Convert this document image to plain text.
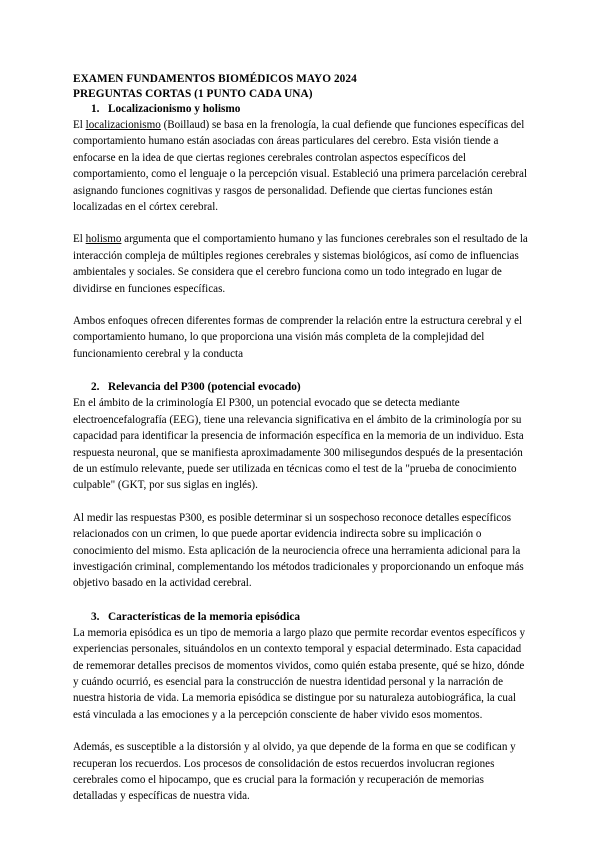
EXAMEN FUNDAMENTOS BIOMÉDICOS MAYO 2024
PREGUNTAS CORTAS (1 PUNTO CADA UNA)
1. Localizacionismo y holismo

El localizacionismo (Boillaud) se basa en la frenología, la cual defiende que funciones específicas del comportamiento humano están asociadas con áreas particulares del cerebro. Esta visión tiende a enfocarse en la idea de que ciertas regiones cerebrales controlan aspectos específicos del comportamiento, como el lenguaje o la percepción visual. Estableció una primera parcelación cerebral asignando funciones cognitivas y rasgos de personalidad. Defiende que ciertas funciones están localizadas en el córtex cerebral.

El holismo argumenta que el comportamiento humano y las funciones cerebrales son el resultado de la interacción compleja de múltiples regiones cerebrales y sistemas biológicos, así como de influencias ambientales y sociales. Se considera que el cerebro funciona como un todo integrado en lugar de dividirse en funciones específicas.

Ambos enfoques ofrecen diferentes formas de comprender la relación entre la estructura cerebral y el comportamiento humano, lo que proporciona una visión más completa de la complejidad del funcionamiento cerebral y la conducta

2. Relevancia del P300 (potencial evocado)

En el ámbito de la criminología El P300, un potencial evocado que se detecta mediante electroencefalografía (EEG), tiene una relevancia significativa en el ámbito de la criminología por su capacidad para identificar la presencia de información específica en la memoria de un individuo. Esta respuesta neuronal, que se manifiesta aproximadamente 300 milisegundos después de la presentación de un estímulo relevante, puede ser utilizada en técnicas como el test de la "prueba de conocimiento culpable" (GKT, por sus siglas en inglés).

Al medir las respuestas P300, es posible determinar si un sospechoso reconoce detalles específicos relacionados con un crimen, lo que puede aportar evidencia indirecta sobre su implicación o conocimiento del mismo. Esta aplicación de la neurociencia ofrece una herramienta adicional para la investigación criminal, complementando los métodos tradicionales y proporcionando un enfoque más objetivo basado en la actividad cerebral.

3. Características de la memoria episódica

La memoria episódica es un tipo de memoria a largo plazo que permite recordar eventos específicos y experiencias personales, situándolos en un contexto temporal y espacial determinado. Esta capacidad de rememorar detalles precisos de momentos vividos, como quién estaba presente, qué se hizo, dónde y cuándo ocurrió, es esencial para la construcción de nuestra identidad personal y la narración de nuestra historia de vida. La memoria episódica se distingue por su naturaleza autobiográfica, la cual está vinculada a las emociones y a la percepción consciente de haber vivido esos momentos.

Además, es susceptible a la distorsión y al olvido, ya que depende de la forma en que se codifican y recuperan los recuerdos. Los procesos de consolidación de estos recuerdos involucran regiones cerebrales como el hipocampo, que es crucial para la formación y recuperación de memorias detalladas y específicas de nuestra vida.
